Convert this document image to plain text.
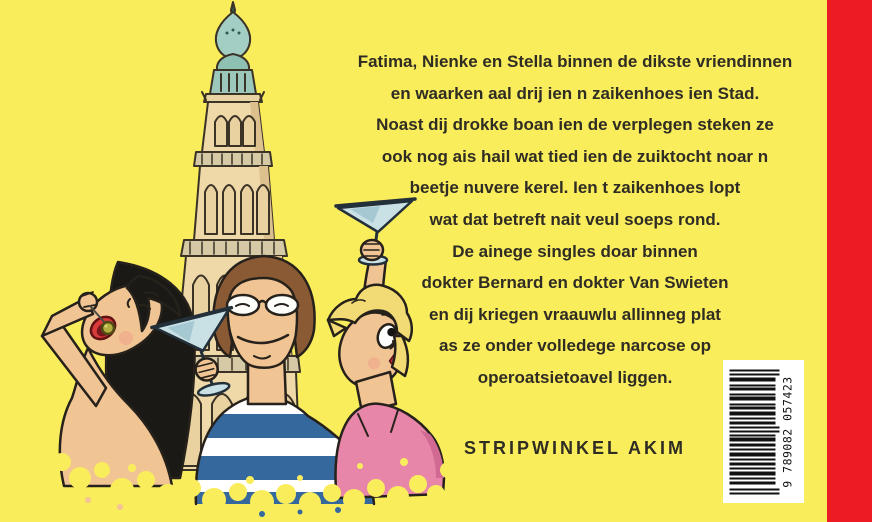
Fatima, Nienke en Stella binnen de dikste vriendinnen
en waarken aal drij ien n zaikenhoes ien Stad.
Noast dij drokke boan ien de verplegen steken ze
ook nog ais hail wat tied ien de zuiktocht noar n
beetje nuvere kerel. Ien t zaikenhoes lopt
wat dat betreft nait veul soeps rond.
De ainege singles doar binnen
dokter Bernard en dokter Van Swieten
en dij kriegen vraauwlu allinneg plat
as ze onder volledege narcose op
operoatsietoavel liggen.
STRIPWINKEL AKIM	9 789082 057423
